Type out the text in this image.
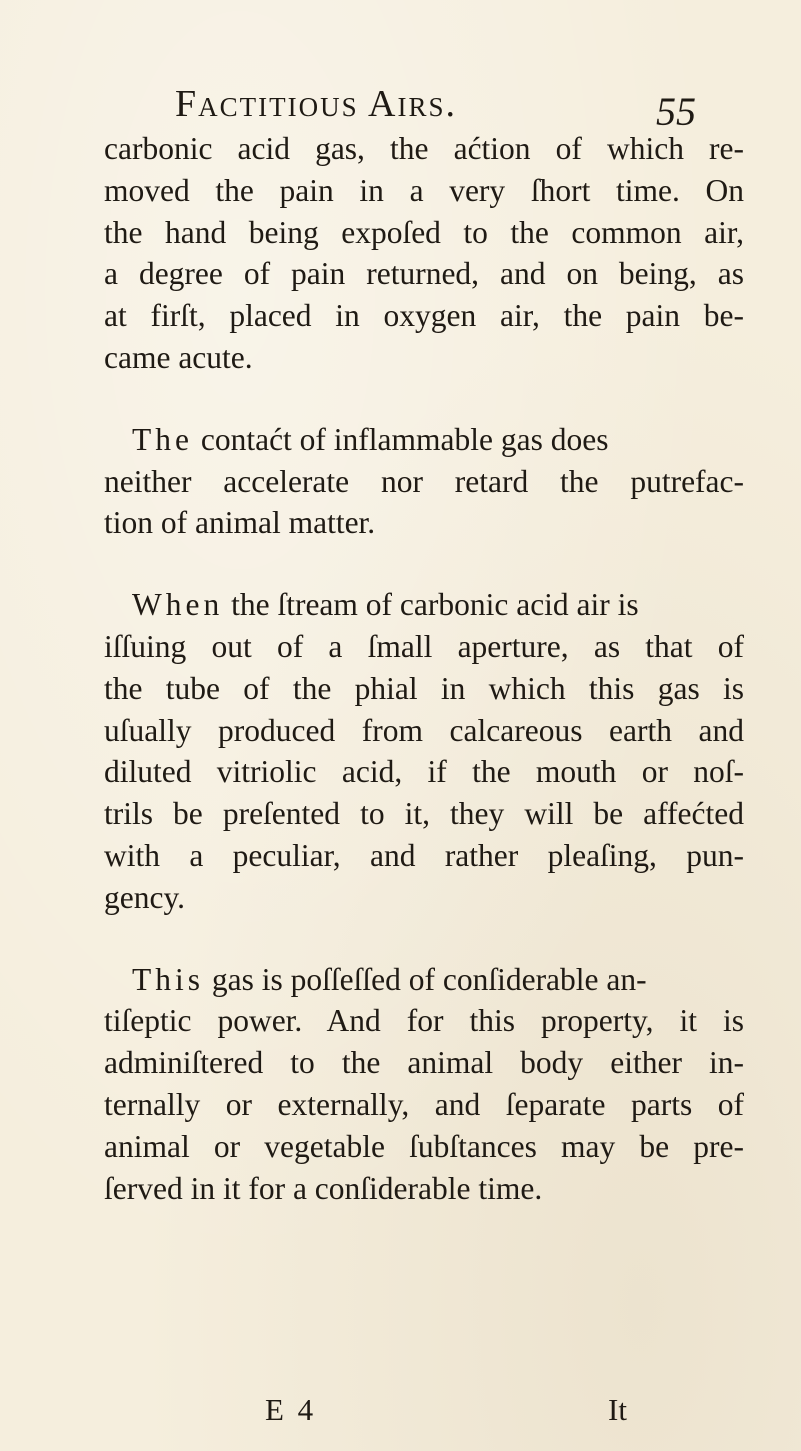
Factitious Airs.	55
carbonic acid gas, the aćtion of which re-
moved the pain in a very ſhort time. On
the hand being expoſed to the common air,
a degree of pain returned, and on being, as
at firſt, placed in oxygen air, the pain be-
came acute.
The contaćt of inflammable gas does
neither accelerate nor retard the putrefac-
tion of animal matter.
When the ſtream of carbonic acid air is
iſſuing out of a ſmall aperture, as that of
the tube of the phial in which this gas is
uſually produced from calcareous earth and
diluted vitriolic acid, if the mouth or noſ-
trils be preſented to it, they will be affećted
with a peculiar, and rather pleaſing, pun-
gency.
This gas is poſſeſſed of conſiderable an-
tiſeptic power. And for this property, it is
adminiſtered to the animal body either in-
ternally or externally, and ſeparate parts of
animal or vegetable ſubſtances may be pre-
ſerved in it for a conſiderable time.
E 4	It
